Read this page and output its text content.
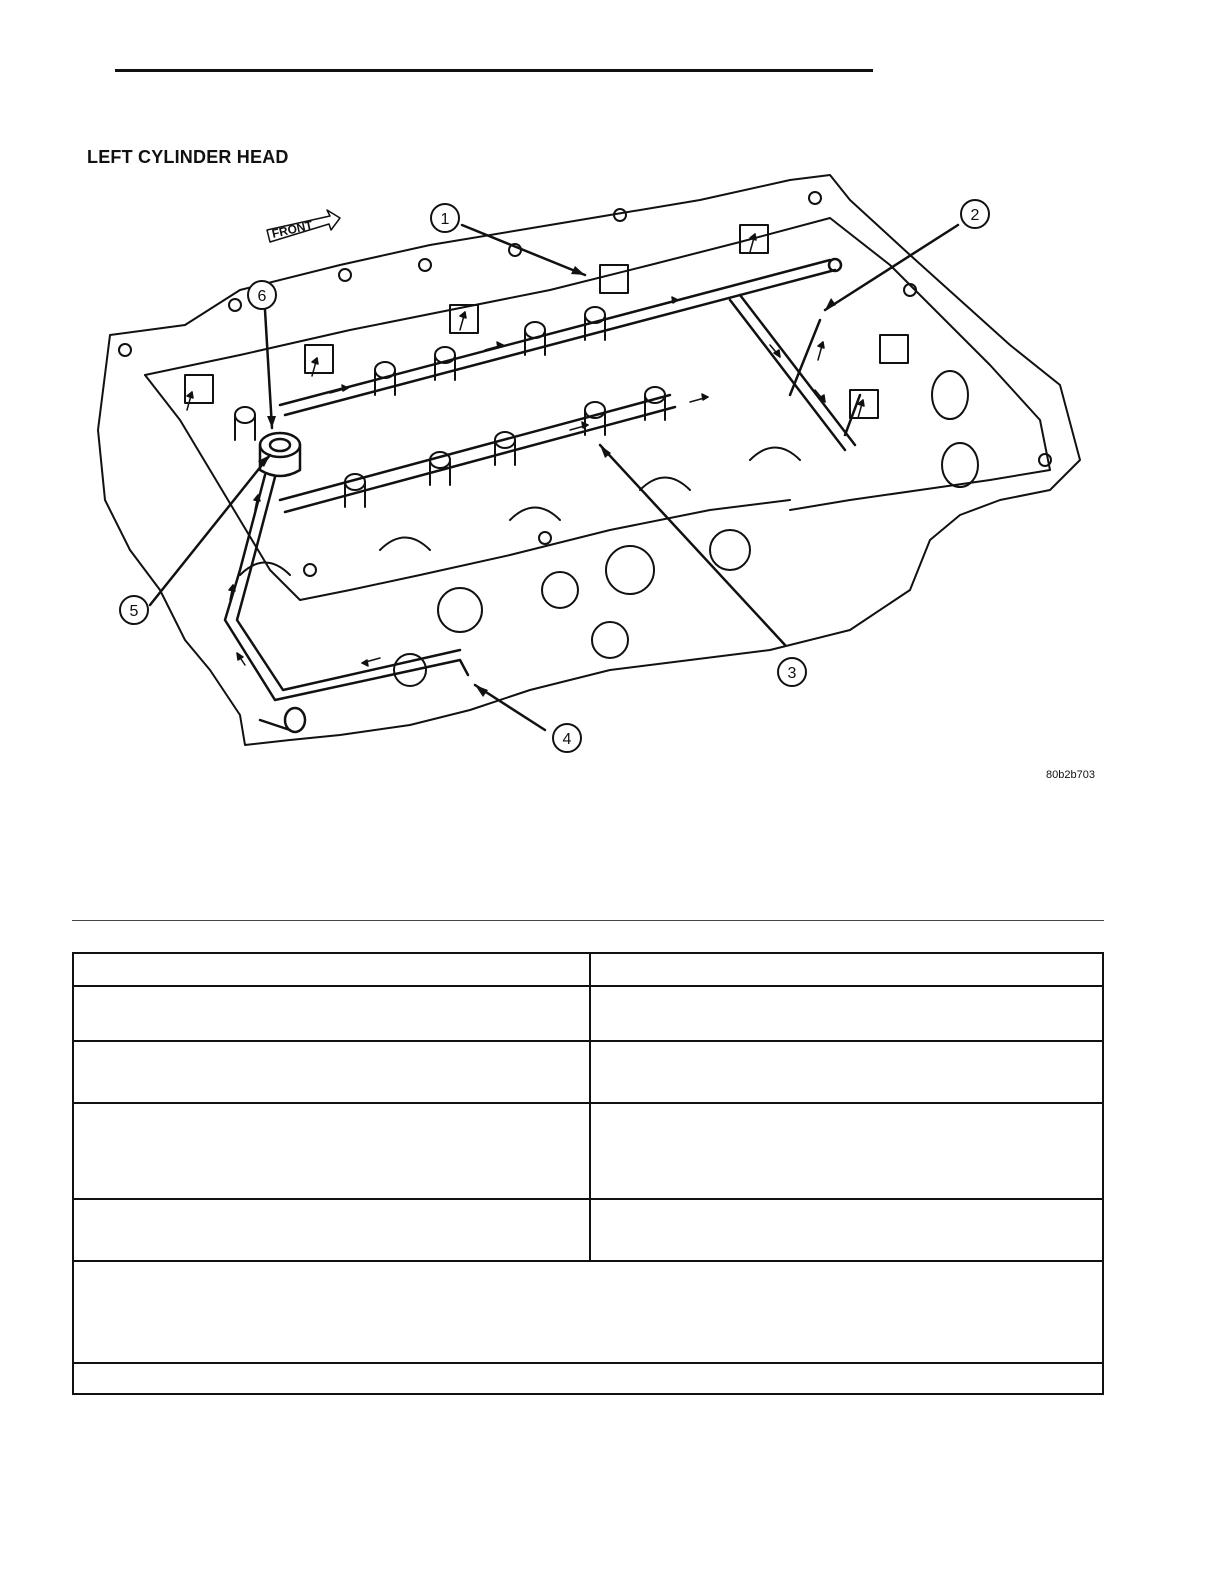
LEFT CYLINDER HEAD
FRONT	1	2
3
4
5
6
80b2b703
